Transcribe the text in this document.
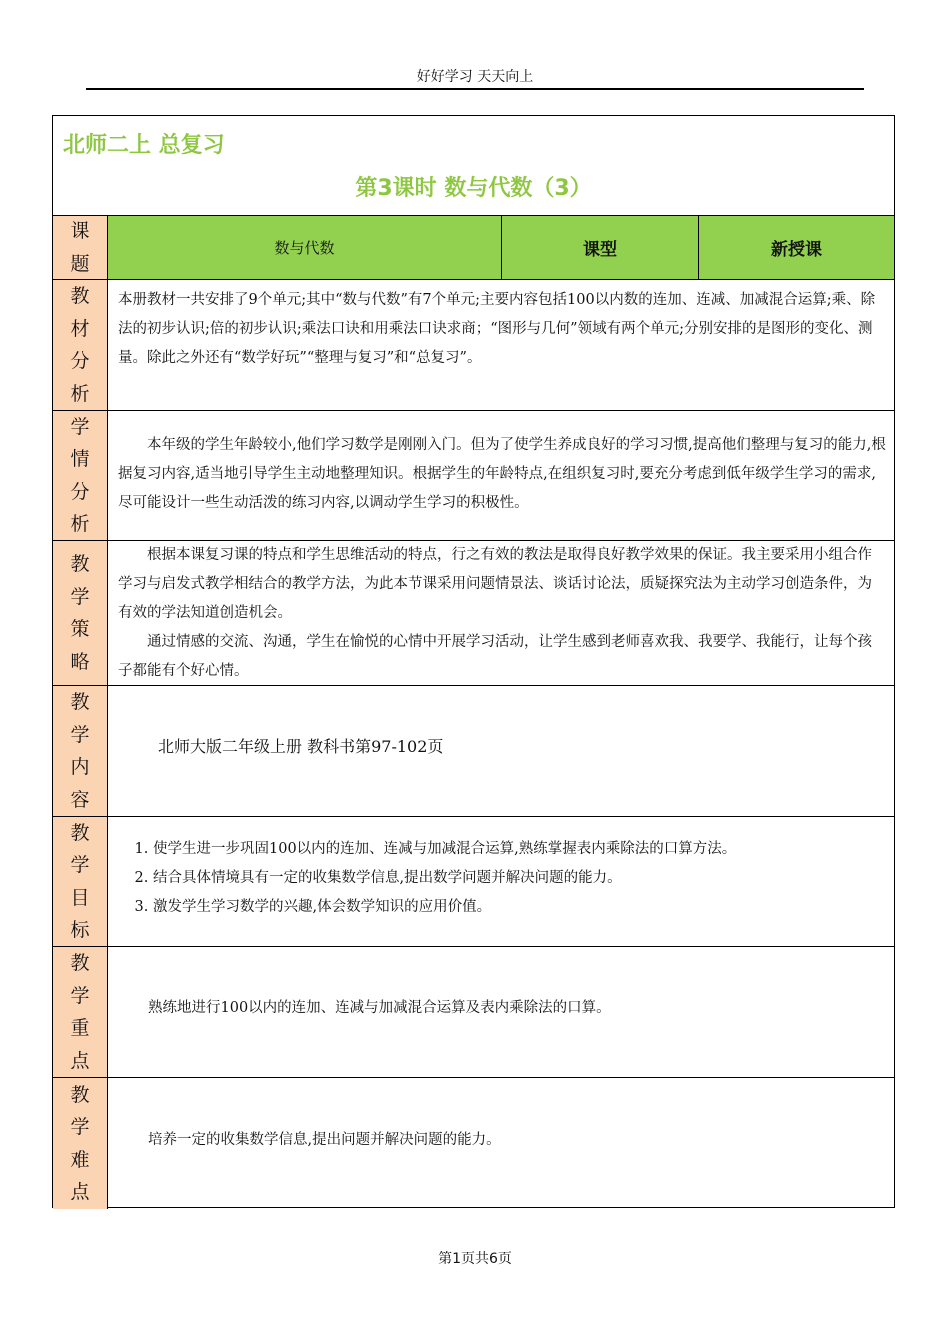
好好学习 天天向上
北师二上 总复习
第3课时 数与代数（3）
课题
数与代数	课型	新授课
教材分析

本册教材一共安排了9个单元;其中“数与代数”有7个单元;主要内容包括100以内数的连加、连减、加减混合运算;乘、除法的初步认识;倍的初步认识;乘法口诀和用乘法口诀求商；“图形与几何”领域有两个单元;分别安排的是图形的变化、测量。除此之外还有“数学好玩”“整理与复习”和“总复习”。

学情分析

本年级的学生年龄较小,他们学习数学是刚刚入门。但为了使学生养成良好的学习习惯,提高他们整理与复习的能力,根据复习内容,适当地引导学生主动地整理知识。根据学生的年龄特点,在组织复习时,要充分考虑到低年级学生学习的需求,尽可能设计一些生动活泼的练习内容,以调动学生学习的积极性。

教学策略

根据本课复习课的特点和学生思维活动的特点，行之有效的教法是取得良好教学效果的保证。我主要采用小组合作学习与启发式教学相结合的教学方法，为此本节课采用问题情景法、谈话讨论法，质疑探究法为主动学习创造条件，为有效的学法知道创造机会。

通过情感的交流、沟通，学生在愉悦的心情中开展学习活动，让学生感到老师喜欢我、我要学、我能行，让每个孩子都能有个好心情。

教学内容

北师大版二年级上册 教科书第97-102页

教学目标
1. 使学生进一步巩固100以内的连加、连减与加减混合运算,熟练掌握表内乘除法的口算方法。
2. 结合具体情境具有一定的收集数学信息,提出数学问题并解决问题的能力。
3. 激发学生学习数学的兴趣,体会数学知识的应用价值。
教学重点

熟练地进行100以内的连加、连减与加减混合运算及表内乘除法的口算。

教学难点

培养一定的收集数学信息,提出问题并解决问题的能力。

第1页共6页
